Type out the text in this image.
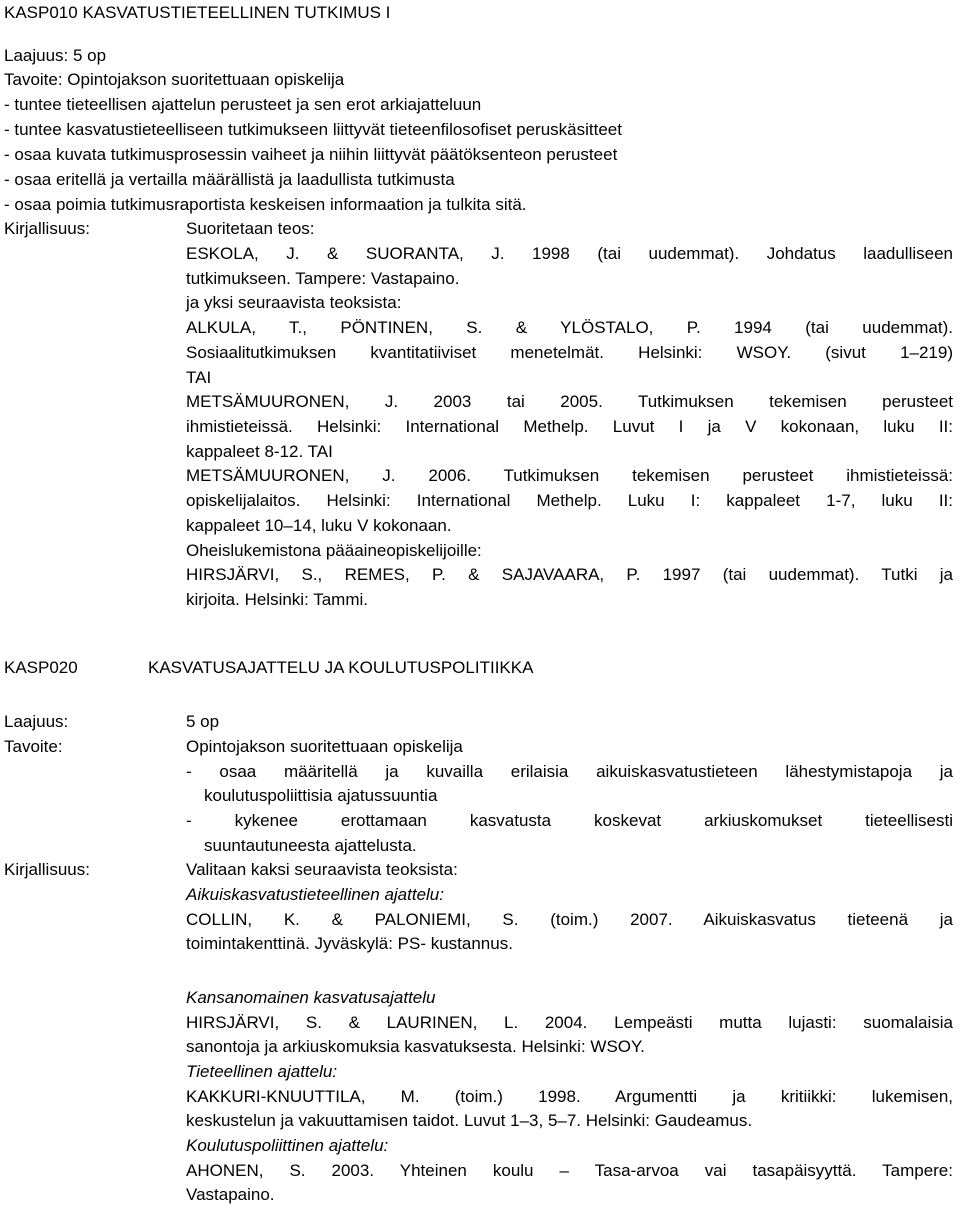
KASP010 KASVATUSTIETEELLINEN TUTKIMUS I
Laajuus: 5 op
Tavoite: Opintojakson suoritettuaan opiskelija
- tuntee tieteellisen ajattelun perusteet ja sen erot arkiajatteluun
- tuntee kasvatustieteelliseen tutkimukseen liittyvät tieteenfilosofiset peruskäsitteet
- osaa kuvata tutkimusprosessin vaiheet ja niihin liittyvät päätöksenteon perusteet
- osaa eritellä ja vertailla määrällistä ja laadullista tutkimusta
- osaa poimia tutkimusraportista keskeisen informaation ja tulkita sitä.
Kirjallisuus:	Suoritetaan teos:
ESKOLA, J. & SUORANTA, J. 1998 (tai uudemmat). Johdatus laadulliseen
tutkimukseen. Tampere: Vastapaino.
ja yksi seuraavista teoksista:
ALKULA, T., PÖNTINEN, S. & YLÖSTALO, P. 1994 (tai uudemmat).
Sosiaalitutkimuksen kvantitatiiviset menetelmät. Helsinki: WSOY. (sivut 1–219)
TAI
METSÄMUURONEN, J. 2003 tai 2005. Tutkimuksen tekemisen perusteet
ihmistieteissä. Helsinki: International Methelp. Luvut I ja V kokonaan, luku II:
kappaleet 8-12. TAI
METSÄMUURONEN, J. 2006. Tutkimuksen tekemisen perusteet ihmistieteissä:
opiskelijalaitos. Helsinki: International Methelp. Luku I: kappaleet 1-7, luku II:
kappaleet 10–14, luku V kokonaan.
Oheislukemistona pääaineopiskelijoille:
HIRSJÄRVI, S., REMES, P. & SAJAVAARA, P. 1997 (tai uudemmat). Tutki ja
kirjoita. Helsinki: Tammi.
KASP020	KASVATUSAJATTELU JA KOULUTUSPOLITIIKKA
Laajuus:	5 op
Tavoite:	Opintojakson suoritettuaan opiskelija
- osaa määritellä ja kuvailla erilaisia aikuiskasvatustieteen lähestymistapoja ja
koulutuspoliittisia ajatussuuntia
- kykenee erottamaan kasvatusta koskevat arkiuskomukset tieteellisesti
suuntautuneesta ajattelusta.
Kirjallisuus:	Valitaan kaksi seuraavista teoksista:
Aikuiskasvatustieteellinen ajattelu:
COLLIN, K. & PALONIEMI, S. (toim.) 2007. Aikuiskasvatus tieteenä ja
toimintakenttinä. Jyväskylä: PS- kustannus.
Kansanomainen kasvatusajattelu
HIRSJÄRVI, S. & LAURINEN, L. 2004. Lempeästi mutta lujasti: suomalaisia
sanontoja ja arkiuskomuksia kasvatuksesta. Helsinki: WSOY.
Tieteellinen ajattelu:
KAKKURI-KNUUTTILA, M. (toim.) 1998. Argumentti ja kritiikki: lukemisen,
keskustelun ja vakuuttamisen taidot. Luvut 1–3, 5–7. Helsinki: Gaudeamus.
Koulutuspoliittinen ajattelu:
AHONEN, S. 2003. Yhteinen koulu – Tasa-arvoa vai tasapäisyyttä. Tampere:
Vastapaino.
